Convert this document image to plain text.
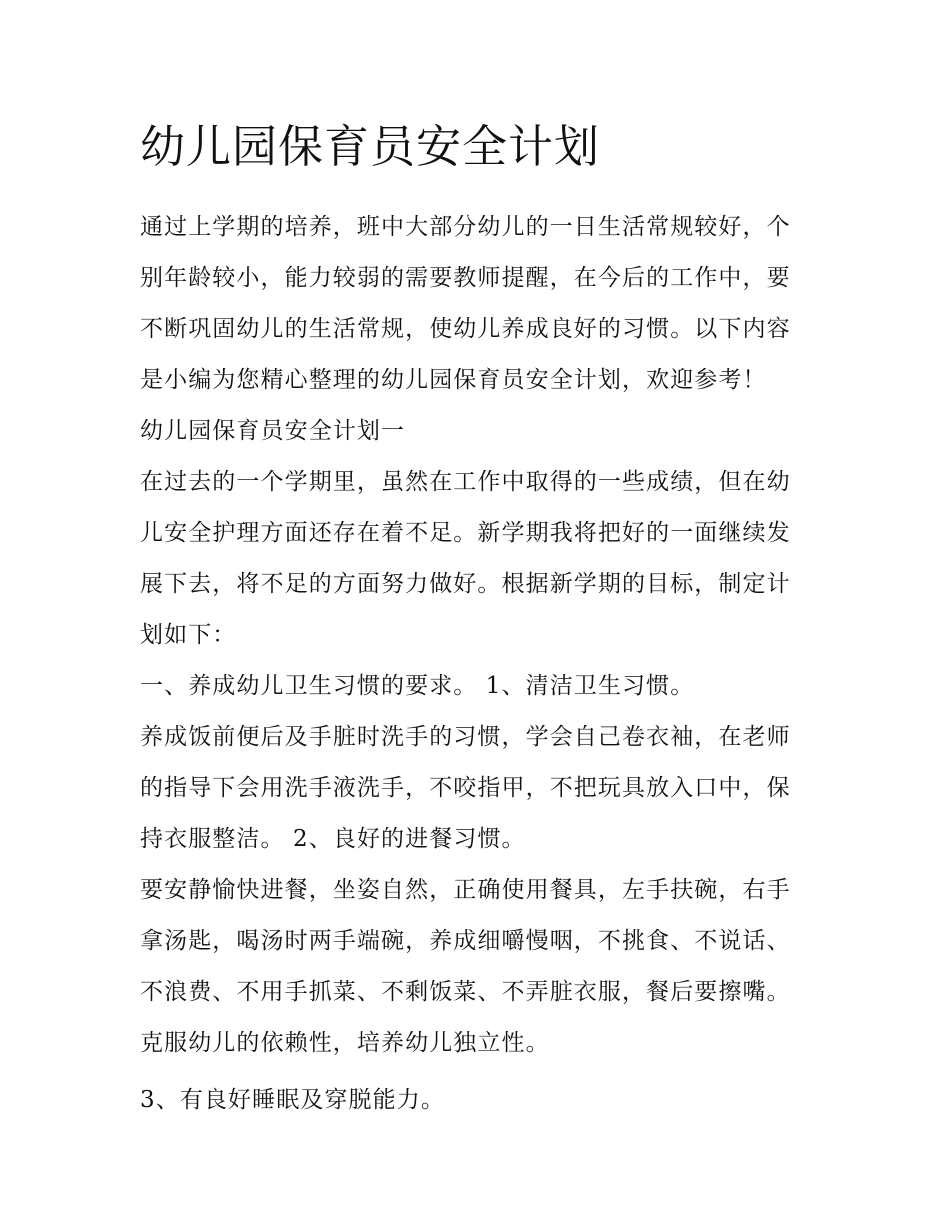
幼儿园保育员安全计划
通过上学期的培养，班中大部分幼儿的一日生活常规较好，个
别年龄较小，能力较弱的需要教师提醒，在今后的工作中，要
不断巩固幼儿的生活常规，使幼儿养成良好的习惯。以下内容
是小编为您精心整理的幼儿园保育员安全计划，欢迎参考！
幼儿园保育员安全计划一
在过去的一个学期里，虽然在工作中取得的一些成绩，但在幼
儿安全护理方面还存在着不足。新学期我将把好的一面继续发
展下去，将不足的方面努力做好。根据新学期的目标，制定计
划如下：
一、养成幼儿卫生习惯的要求。 1、清洁卫生习惯。
养成饭前便后及手脏时洗手的习惯，学会自己卷衣袖，在老师
的指导下会用洗手液洗手，不咬指甲，不把玩具放入口中，保
持衣服整洁。 2、良好的进餐习惯。
要安静愉快进餐，坐姿自然，正确使用餐具，左手扶碗，右手
拿汤匙，喝汤时两手端碗，养成细嚼慢咽，不挑食、不说话、
不浪费、不用手抓菜、不剩饭菜、不弄脏衣服，餐后要擦嘴。
克服幼儿的依赖性，培养幼儿独立性。
3、有良好睡眠及穿脱能力。
